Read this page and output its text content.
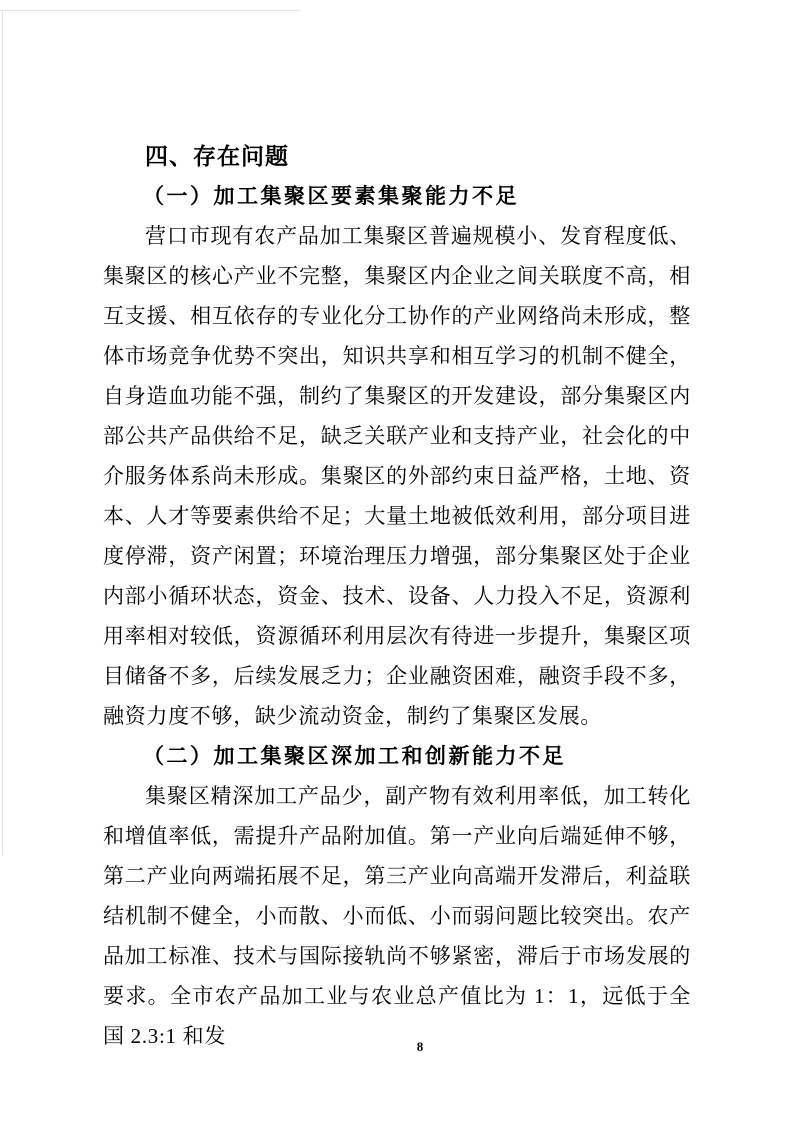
四、存在问题
（一）加工集聚区要素集聚能力不足

营口市现有农产品加工集聚区普遍规模小、发育程度低、集聚区的核心产业不完整，集聚区内企业之间关联度不高，相互支援、相互依存的专业化分工协作的产业网络尚未形成，整体市场竞争优势不突出，知识共享和相互学习的机制不健全，自身造血功能不强，制约了集聚区的开发建设，部分集聚区内部公共产品供给不足，缺乏关联产业和支持产业，社会化的中介服务体系尚未形成。集聚区的外部约束日益严格，土地、资本、人才等要素供给不足；大量土地被低效利用，部分项目进度停滞，资产闲置；环境治理压力增强，部分集聚区处于企业内部小循环状态，资金、技术、设备、人力投入不足，资源利用率相对较低，资源循环利用层次有待进一步提升，集聚区项目储备不多，后续发展乏力；企业融资困难，融资手段不多，融资力度不够，缺少流动资金，制约了集聚区发展。

（二）加工集聚区深加工和创新能力不足

集聚区精深加工产品少，副产物有效利用率低，加工转化和增值率低，需提升产品附加值。第一产业向后端延伸不够，第二产业向两端拓展不足，第三产业向高端开发滞后，利益联结机制不健全，小而散、小而低、小而弱问题比较突出。农产品加工标准、技术与国际接轨尚不够紧密，滞后于市场发展的要求。全市农产品加工业与农业总产值比为 1：1，远低于全国 2.3:1 和发	8
